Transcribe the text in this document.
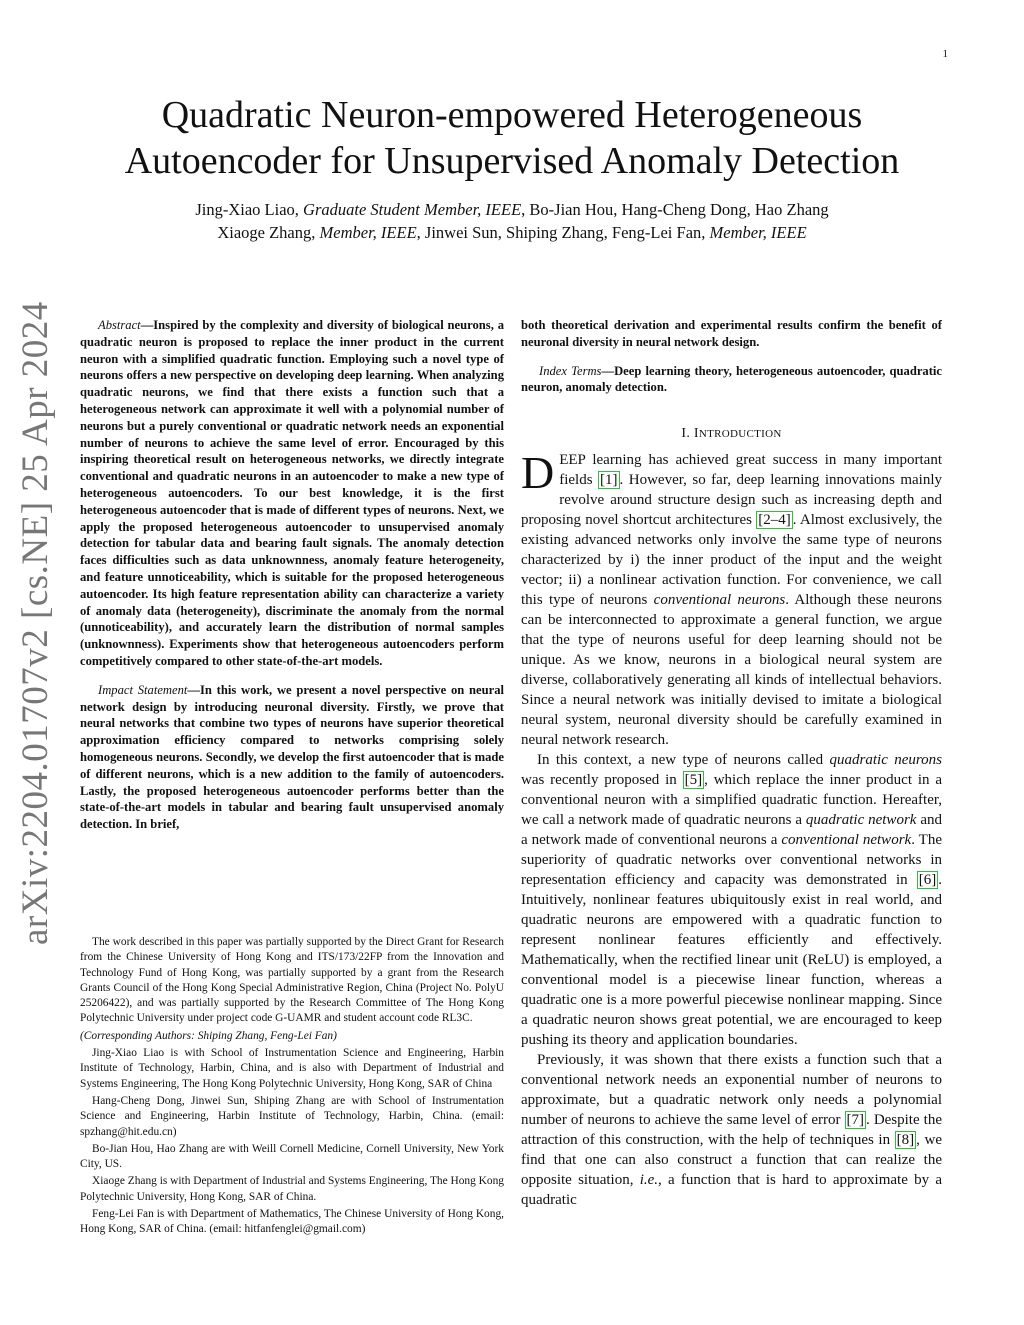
1
arXiv:2204.01707v2 [cs.NE] 25 Apr 2024
Quadratic Neuron-empowered Heterogeneous
Autoencoder for Unsupervised Anomaly Detection
Jing-Xiao Liao, Graduate Student Member, IEEE, Bo-Jian Hou, Hang-Cheng Dong, Hao Zhang
Xiaoge Zhang, Member, IEEE, Jinwei Sun, Shiping Zhang, Feng-Lei Fan, Member, IEEE

Abstract—Inspired by the complexity and diversity of biological neurons, a quadratic neuron is proposed to replace the inner product in the current neuron with a simplified quadratic function. Employing such a novel type of neurons offers a new perspective on developing deep learning. When analyzing quadratic neurons, we find that there exists a function such that a heterogeneous network can approximate it well with a polynomial number of neurons but a purely conventional or quadratic network needs an exponential number of neurons to achieve the same level of error. Encouraged by this inspiring theoretical result on heterogeneous networks, we directly integrate conventional and quadratic neurons in an autoencoder to make a new type of heterogeneous autoencoders. To our best knowledge, it is the first heterogeneous autoencoder that is made of different types of neurons. Next, we apply the proposed heterogeneous autoencoder to unsupervised anomaly detection for tabular data and bearing fault signals. The anomaly detection faces difficulties such as data unknownness, anomaly feature heterogeneity, and feature unnoticeability, which is suitable for the proposed heterogeneous autoencoder. Its high feature representation ability can characterize a variety of anomaly data (heterogeneity), discriminate the anomaly from the normal (unnoticeability), and accurately learn the distribution of normal samples (unknownness). Experiments show that heterogeneous autoencoders perform competitively compared to other state-of-the-art models.

Impact Statement—In this work, we present a novel perspective on neural network design by introducing neuronal diversity. Firstly, we prove that neural networks that combine two types of neurons have superior theoretical approximation efficiency compared to networks comprising solely homogeneous neurons. Secondly, we develop the first autoencoder that is made of different neurons, which is a new addition to the family of autoencoders. Lastly, the proposed heterogeneous autoencoder performs better than the state-of-the-art models in tabular and bearing fault unsupervised anomaly detection. In brief,

The work described in this paper was partially supported by the Direct Grant for Research from the Chinese University of Hong Kong and ITS/173/22FP from the Innovation and Technology Fund of Hong Kong, was partially supported by a grant from the Research Grants Council of the Hong Kong Special Administrative Region, China (Project No. PolyU 25206422), and was partially supported by the Research Committee of The Hong Kong Polytechnic University under project code G-UAMR and student account code RL3C.

(Corresponding Authors: Shiping Zhang, Feng-Lei Fan)

Jing-Xiao Liao is with School of Instrumentation Science and Engineering, Harbin Institute of Technology, Harbin, China, and is also with Department of Industrial and Systems Engineering, The Hong Kong Polytechnic University, Hong Kong, SAR of China

Hang-Cheng Dong, Jinwei Sun, Shiping Zhang are with School of Instrumentation Science and Engineering, Harbin Institute of Technology, Harbin, China. (email: spzhang@hit.edu.cn)

Bo-Jian Hou, Hao Zhang are with Weill Cornell Medicine, Cornell University, New York City, US.

Xiaoge Zhang is with Department of Industrial and Systems Engineering, The Hong Kong Polytechnic University, Hong Kong, SAR of China.

Feng-Lei Fan is with Department of Mathematics, The Chinese University of Hong Kong, Hong Kong, SAR of China. (email: hitfanfenglei@gmail.com)

both theoretical derivation and experimental results confirm the benefit of neuronal diversity in neural network design.

Index Terms—Deep learning theory, heterogeneous autoencoder, quadratic neuron, anomaly detection.

I. INTRODUCTION

DEEP learning has achieved great success in many important fields [1] . However, so far, deep learning innovations mainly revolve around structure design such as increasing depth and proposing novel shortcut architectures [2–4] . Almost exclusively, the existing advanced networks only involve the same type of neurons characterized by i) the inner product of the input and the weight vector; ii) a nonlinear activation function. For convenience, we call this type of neurons conventional neurons. Although these neurons can be interconnected to approximate a general function, we argue that the type of neurons useful for deep learning should not be unique. As we know, neurons in a biological neural system are diverse, collaboratively generating all kinds of intellectual behaviors. Since a neural network was initially devised to imitate a biological neural system, neuronal diversity should be carefully examined in neural network research.

In this context, a new type of neurons called quadratic neurons was recently proposed in [5] , which replace the inner product in a conventional neuron with a simplified quadratic function. Hereafter, we call a network made of quadratic neurons a quadratic network and a network made of conventional neurons a conventional network. The superiority of quadratic networks over conventional networks in representation efficiency and capacity was demonstrated in [6] . Intuitively, nonlinear features ubiquitously exist in real world, and quadratic neurons are empowered with a quadratic function to represent nonlinear features efficiently and effectively. Mathematically, when the rectified linear unit (ReLU) is employed, a conventional model is a piecewise linear function, whereas a quadratic one is a more powerful piecewise nonlinear mapping. Since a quadratic neuron shows great potential, we are encouraged to keep pushing its theory and application boundaries.

Previously, it was shown that there exists a function such that a conventional network needs an exponential number of neurons to approximate, but a quadratic network only needs a polynomial number of neurons to achieve the same level of error [7] . Despite the attraction of this construction, with the help of techniques in [8] , we find that one can also construct a function that can realize the opposite situation, i.e., a function that is hard to approximate by a quadratic
